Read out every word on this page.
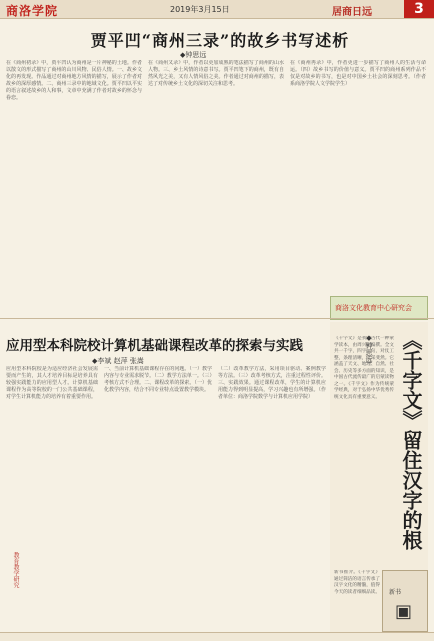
商洛学院	2019年3月15日	居商日远	3
贾平凹“商州三录”的故乡书写述析
◆钟思远
在《商州初录》中，贾平凹认为商州是一片神秘的土地。作者以散文的形式描写了商州的山川风物、民俗人情。一、故乡文化的再发现。作品通过对商州地方风情的描写，展示了作者对故乡的深厚感情。二、商州三录中的地域文化。贾平凹以平实的语言叙述故乡的人和事，文章中充满了作者对故乡的怀念与眷恋。
在《商州又录》中，作者以更加成熟的笔法描写了商州的山水人物。三、乡土风情的诗意书写。贾平凹笔下的商州，既有自然风光之美，又有人情风俗之美。作者通过对商州的描写，表达了对传统乡土文化的深切关注和思考。
在《商州再录》中，作者更进一步描写了商州人的生活与命运。（四）故乡书写的价值与意义。贾平凹的商州系列作品不仅是对故乡的书写，也是对中国乡土社会的深刻思考。（作者系商洛学院人文学院学生）
商洛文化教育中心研究会
应用型本科院校计算机基础课程改革的探索与实践
◆李斌 赵萍 张嵩
应用型本科院校是为适应经济社会发展需要而产生的，其人才培养目标是培养具有较强实践能力的应用型人才。计算机基础课程作为高等院校的一门公共基础课程，对学生计算机能力的培养有着重要作用。
一、当前计算机基础课程存在的问题。（一）教学内容与专业需求脱节。（二）教学方法单一。（三）考核方式不合理。二、课程改革的探索。（一）优化教学内容，结合不同专业特点设置教学模块。
（二）改革教学方法，采用项目驱动、案例教学等方法。（三）改革考核方式，注重过程性评价。三、实践效果。通过课程改革，学生的计算机应用能力得到明显提高，学习兴趣也有所增强。（作者单位：商洛学院数学与计算机应用学院）
教育教学研究
《千字文》留住汉字的根
◆钟思远
《千字文》是我国古代一种蒙学读本，由周兴嗣编撰。全文共一千字，四字一句，对仗工整，条理清晰，文采斐然。它涵盖了天文、地理、自然、社会、历史等多方面的知识，是中国古代流传最广的启蒙读物之一。《千字文》作为传统蒙学经典，对于弘扬中华优秀传统文化具有重要意义。
新书推介。《千字文》通过简洁的语言传承了汉字文化的精髓，值得今天的读者细细品读。 新书
▣
